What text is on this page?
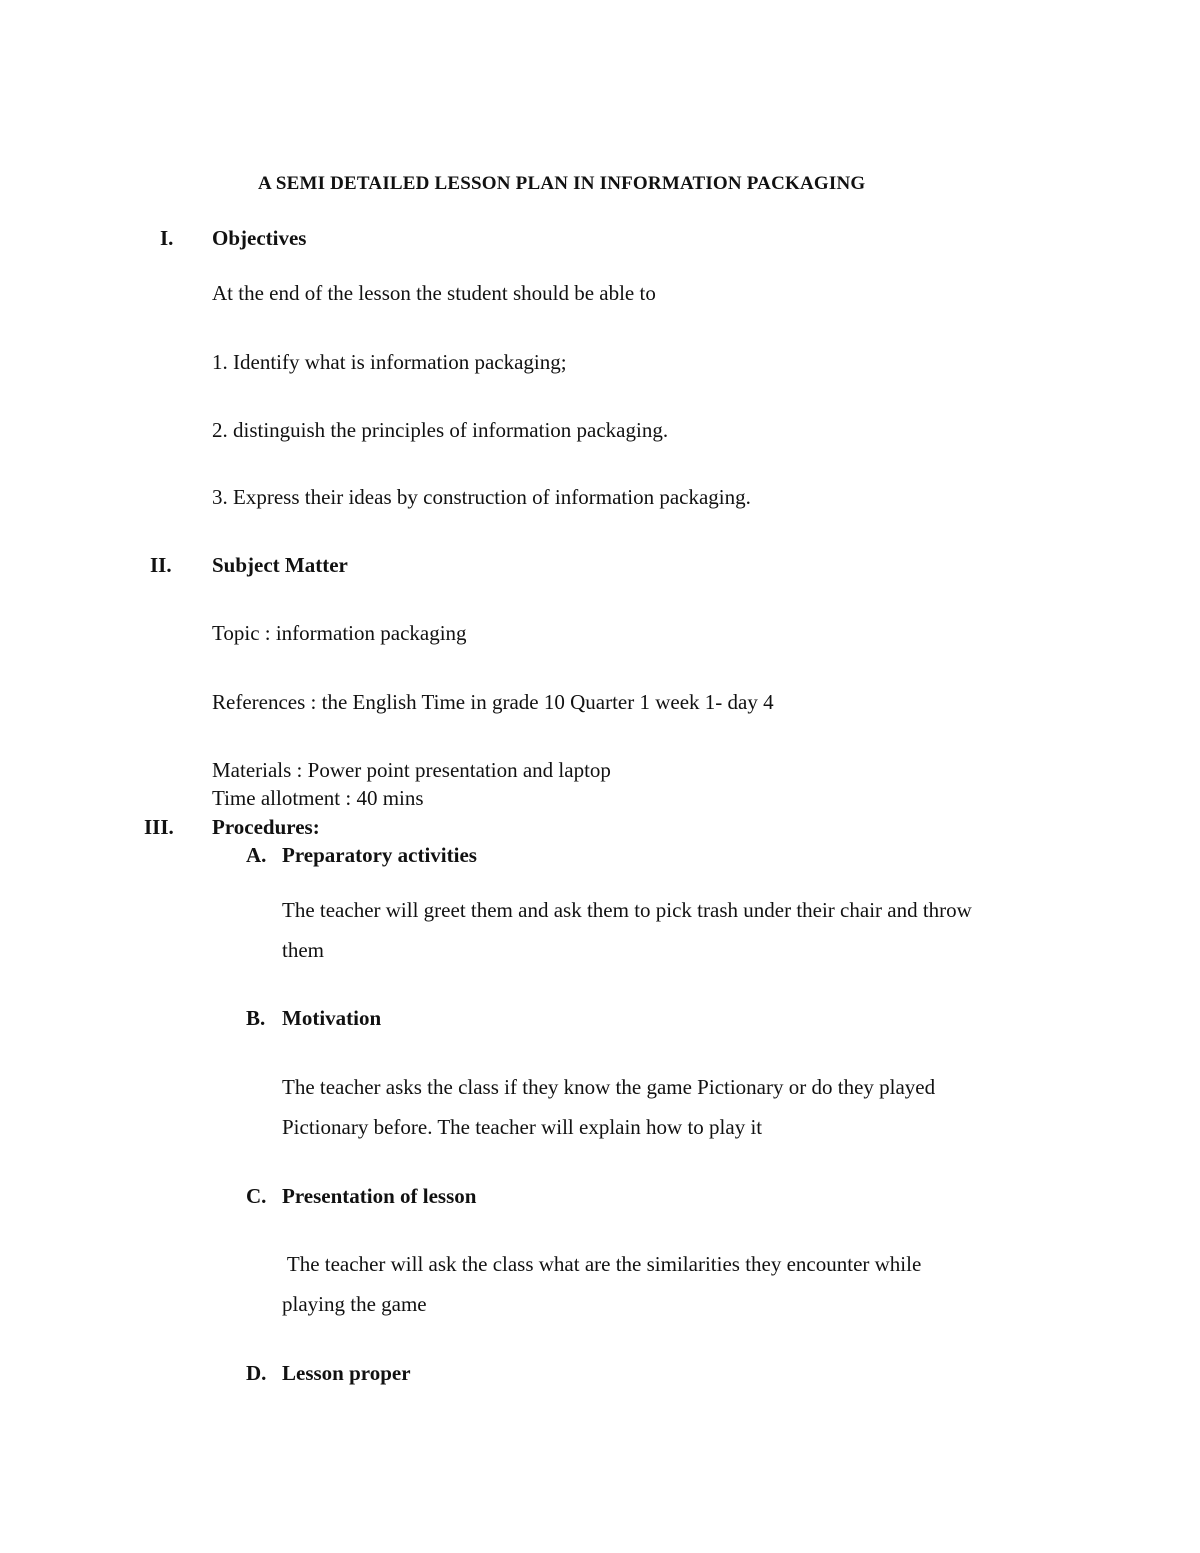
A SEMI DETAILED LESSON PLAN IN INFORMATION PACKAGING
I. Objectives
At the end of the lesson the student should be able to
1. Identify what is information packaging;
2. distinguish the principles of information packaging.
3. Express their ideas by construction of information packaging.
II. Subject Matter
Topic : information packaging
References : the English Time in grade 10 Quarter 1 week 1- day 4
Materials : Power point presentation and laptop
Time allotment : 40 mins
III. Procedures:
A. Preparatory activities
The teacher will greet them and ask them to pick trash under their chair and throw
them
B. Motivation
The teacher asks the class if they know the game Pictionary or do they played
Pictionary before. The teacher will explain how to play it
C. Presentation of lesson
The teacher will ask the class what are the similarities they encounter while
playing the game
D. Lesson proper
